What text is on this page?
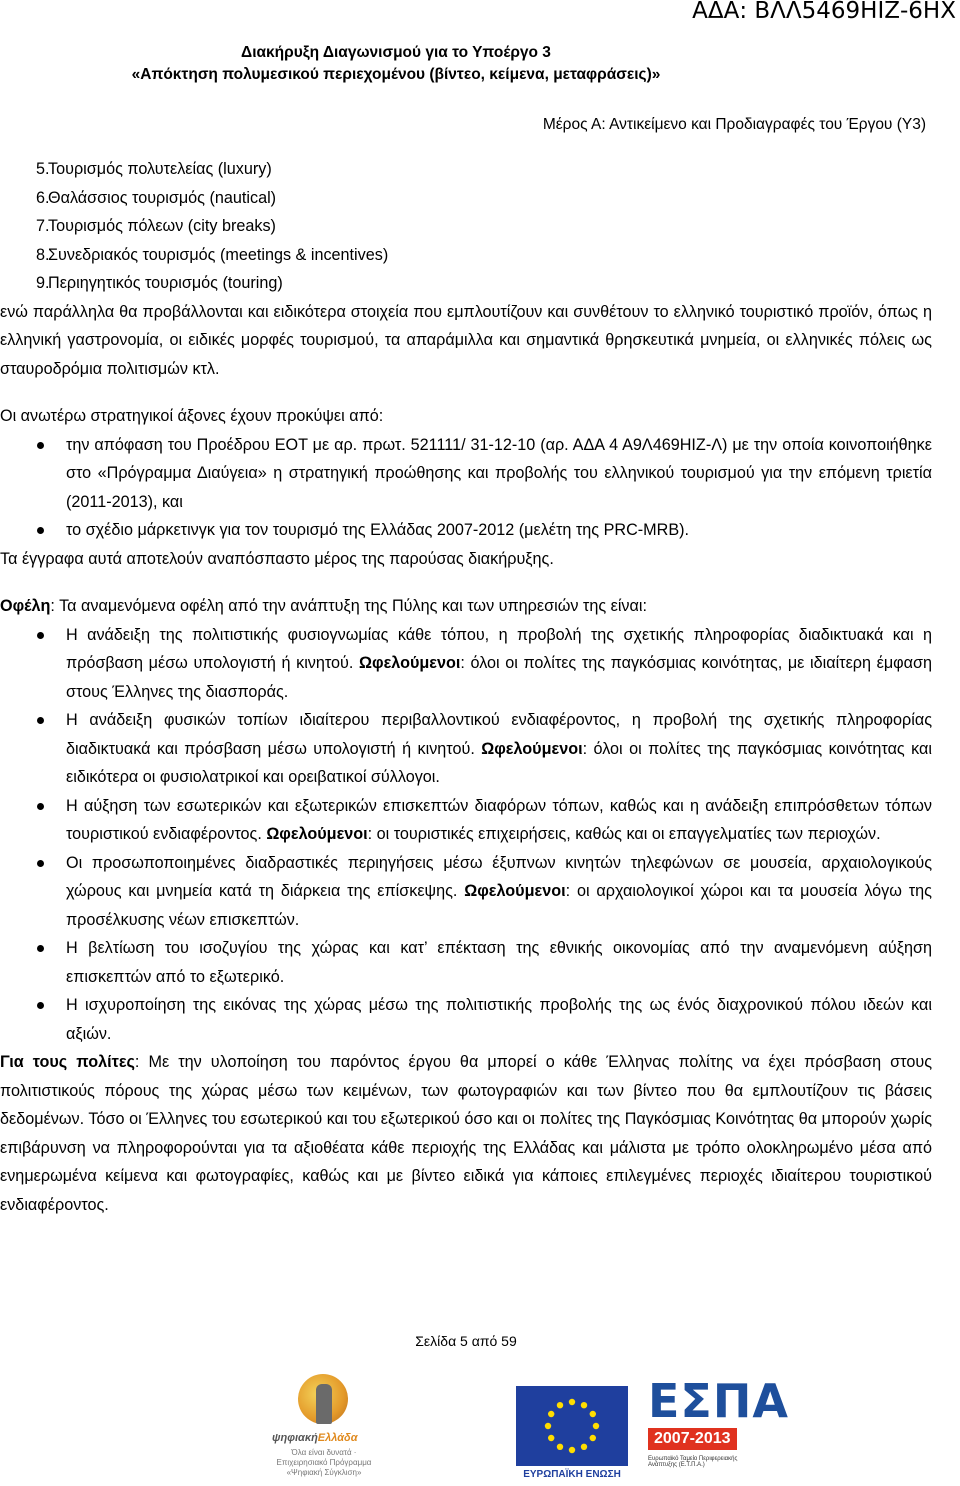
ΑΔΑ: ΒΛΛ5469ΗΙΖ-6ΗΧ
Διακήρυξη Διαγωνισμού για το Υποέργο 3
«Απόκτηση πολυμεσικού περιεχομένου (βίντεο, κείμενα, μεταφράσεις)»
Μέρος Α: Αντικείμενο και Προδιαγραφές του Έργου (Υ3)
5.
Τουρισμός πολυτελείας (luxury)
6.
Θαλάσσιος τουρισμός (nautical)
7.
Τουρισμός πόλεων (city breaks)
8.
Συνεδριακός τουρισμός (meetings & incentives)
9.
Περιηγητικός τουρισμός (touring)

ενώ παράλληλα θα προβάλλονται και ειδικότερα στοιχεία που εμπλουτίζουν και συνθέτουν το ελληνικό τουριστικό προϊόν, όπως η ελληνική γαστρονομία, οι ειδικές μορφές τουρισμού, τα απαράμιλλα και σημαντικά θρησκευτικά μνημεία, οι ελληνικές πόλεις ως σταυροδρόμια πολιτισμών κτλ.

Οι ανωτέρω στρατηγικοί άξονες έχουν προκύψει από:

την απόφαση του Προέδρου ΕΟΤ με αρ. πρωτ. 521111/ 31-12-10 (αρ. ΑΔΑ 4 Α9Λ469ΗΙΖ-Λ) με την οποία κοινοποιήθηκε στο «Πρόγραμμα Διαύγεια» η στρατηγική προώθησης και προβολής του ελληνικού τουρισμού για την επόμενη τριετία (2011-2013), και
το σχέδιο μάρκετινγκ για τον τουρισμό της Ελλάδας 2007-2012 (μελέτη της PRC-MRB).

Τα έγγραφα αυτά αποτελούν αναπόσπαστο μέρος της παρούσας διακήρυξης.

Οφέλη: Τα αναμενόμενα οφέλη από την ανάπτυξη της Πύλης και των υπηρεσιών της είναι:

Η ανάδειξη της πολιτιστικής φυσιογνωμίας κάθε τόπου, η προβολή της σχετικής πληροφορίας διαδικτυακά και η πρόσβαση μέσω υπολογιστή ή κινητού. Ωφελούμενοι: όλοι οι πολίτες της παγκόσμιας κοινότητας, με ιδιαίτερη έμφαση στους Έλληνες της διασποράς.
Η ανάδειξη φυσικών τοπίων ιδιαίτερου περιβαλλοντικού ενδιαφέροντος, η προβολή της σχετικής πληροφορίας διαδικτυακά και πρόσβαση μέσω υπολογιστή ή κινητού. Ωφελούμενοι: όλοι οι πολίτες της παγκόσμιας κοινότητας και ειδικότερα οι φυσιολατρικοί και ορειβατικοί σύλλογοι.
Η αύξηση των εσωτερικών και εξωτερικών επισκεπτών διαφόρων τόπων, καθώς και η ανάδειξη επιπρόσθετων τόπων τουριστικού ενδιαφέροντος. Ωφελούμενοι: οι τουριστικές επιχειρήσεις, καθώς και οι επαγγελματίες των περιοχών.
Οι προσωποποιημένες διαδραστικές περιηγήσεις μέσω έξυπνων κινητών τηλεφώνων σε μουσεία, αρχαιολογικούς χώρους και μνημεία κατά τη διάρκεια της επίσκεψης. Ωφελούμενοι: οι αρχαιολογικοί χώροι και τα μουσεία λόγω της προσέλκυσης νέων επισκεπτών.
Η βελτίωση του ισοζυγίου της χώρας και κατ’ επέκταση της εθνικής οικονομίας από την αναμενόμενη αύξηση επισκεπτών από το εξωτερικό.
Η ισχυροποίηση της εικόνας της χώρας μέσω της πολιτιστικής προβολής της ως ένός διαχρονικού πόλου ιδεών και αξιών.

Για τους πολίτες: Με την υλοποίηση του παρόντος έργου θα μπορεί ο κάθε Έλληνας πολίτης να έχει πρόσβαση στους πολιτιστικούς πόρους της χώρας μέσω των κειμένων, των φωτογραφιών και των βίντεο που θα εμπλουτίζουν τις βάσεις δεδομένων. Τόσο οι Έλληνες του εσωτερικού και του εξωτερικού όσο και οι πολίτες της Παγκόσμιας Κοινότητας θα μπορούν χωρίς επιβάρυνση να πληροφορούνται για τα αξιοθέατα κάθε περιοχής της Ελλάδας και μάλιστα με τρόπο ολοκληρωμένο μέσα από ενημερωμένα κείμενα και φωτογραφίες, καθώς και με βίντεο ειδικά για κάποιες επιλεγμένες περιοχές ιδιαίτερου τουριστικού ενδιαφέροντος.

Σελίδα 5 από 59
ψηφιακήΕλλάδα
Όλα είναι δυνατά · Επιχειρησιακό Πρόγραμμα «Ψηφιακή Σύγκλιση»	ΕΥΡΩΠΑΪΚΗ ΕΝΩΣΗ
ΕΣΠΑ
2007-2013
Ευρωπαϊκό Ταμείο Περιφερειακής Ανάπτυξης (Ε.Τ.Π.Α.)
